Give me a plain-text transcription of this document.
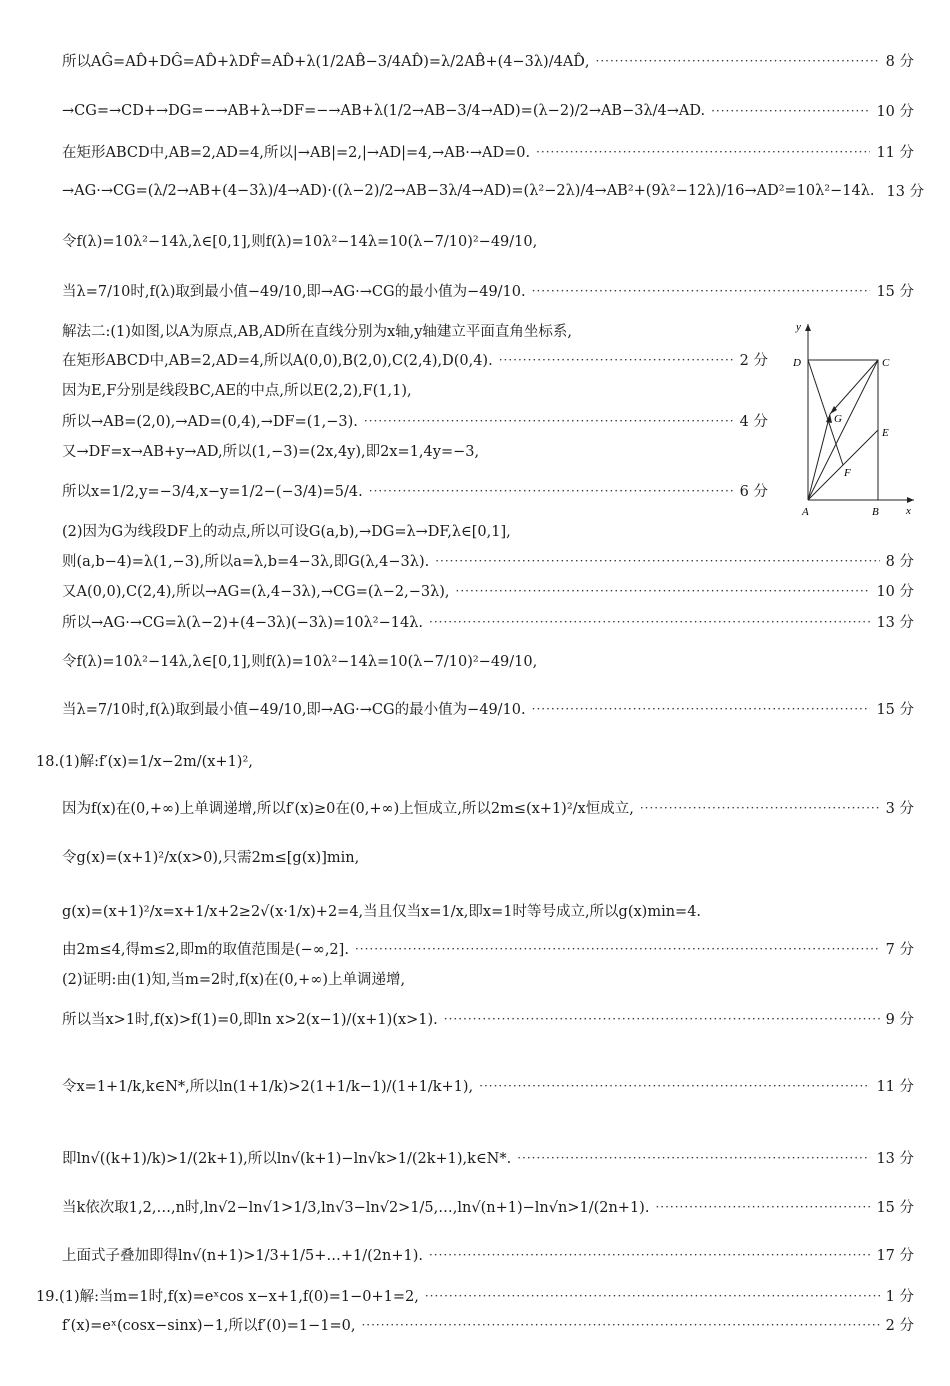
所以AĜ=AD̂+DĜ=AD̂+λDF̂=AD̂+λ(1/2AB̂−3/4AD̂)=λ/2AB̂+(4−3λ)/4AD̂, ·····	8 分
→CG=→CD+→DG=−→AB+λ→DF=−→AB+λ(1/2→AB−3/4→AD)=(λ−2)/2→AB−3λ/4→AD. ·····	10 分
在矩形ABCD中,AB=2,AD=4,所以|→AB|=2,|→AD|=4,→AB·→AD=0. ·····	11 分
→AG·→CG=(λ/2→AB+(4−3λ)/4→AD)·((λ−2)/2→AB−3λ/4→AD)=(λ²−2λ)/4→AB²+(9λ²−12λ)/16→AD²=10λ²−14λ. 13 分
令f(λ)=10λ²−14λ,λ∈[0,1],则f(λ)=10λ²−14λ=10(λ−7/10)²−49/10,
当λ=7/10时,f(λ)取到最小值−49/10,即→AG·→CG的最小值为−49/10. ·····	15 分
解法二:(1)如图,以A为原点,AB,AD所在直线分别为x轴,y轴建立平面直角坐标系,
在矩形ABCD中,AB=2,AD=4,所以A(0,0),B(2,0),C(2,4),D(0,4). ·····	2 分
因为E,F分别是线段BC,AE的中点,所以E(2,2),F(1,1),
所以→AB=(2,0),→AD=(0,4),→DF=(1,−3). ·····	4 分
又→DF=x→AB+y→AD,所以(1,−3)=(2x,4y),即2x=1,4y=−3,
所以x=1/2,y=−3/4,x−y=1/2−(−3/4)=5/4. ·····	6 分
(2)因为G为线段DF上的动点,所以可设G(a,b),→DG=λ→DF,λ∈[0,1],
则(a,b−4)=λ(1,−3),所以a=λ,b=4−3λ,即G(λ,4−3λ). ·····	8 分
又A(0,0),C(2,4),所以→AG=(λ,4−3λ),→CG=(λ−2,−3λ), ·····	10 分
所以→AG·→CG=λ(λ−2)+(4−3λ)(−3λ)=10λ²−14λ. ·····	13 分
令f(λ)=10λ²−14λ,λ∈[0,1],则f(λ)=10λ²−14λ=10(λ−7/10)²−49/10,
当λ=7/10时,f(λ)取到最小值−49/10,即→AG·→CG的最小值为−49/10. ·····	15 分
18.(1)解:f′(x)=1/x−2m/(x+1)²,
因为f(x)在(0,+∞)上单调递增,所以f′(x)≥0在(0,+∞)上恒成立,所以2m≤(x+1)²/x恒成立, ·····	3 分
令g(x)=(x+1)²/x(x>0),只需2m≤[g(x)]min,
g(x)=(x+1)²/x=x+1/x+2≥2√(x·1/x)+2=4,当且仅当x=1/x,即x=1时等号成立,所以g(x)min=4.
由2m≤4,得m≤2,即m的取值范围是(−∞,2]. ·····	7 分
(2)证明:由(1)知,当m=2时,f(x)在(0,+∞)上单调递增,
所以当x>1时,f(x)>f(1)=0,即ln x>2(x−1)/(x+1)(x>1). ·····	9 分
令x=1+1/k,k∈N*,所以ln(1+1/k)>2(1+1/k−1)/(1+1/k+1), ·····	11 分
即ln√((k+1)/k)>1/(2k+1),所以ln√(k+1)−ln√k>1/(2k+1),k∈N*. ·····	13 分
当k依次取1,2,…,n时,ln√2−ln√1>1/3,ln√3−ln√2>1/5,…,ln√(n+1)−ln√n>1/(2n+1). ·····	15 分
上面式子叠加即得ln√(n+1)>1/3+1/5+…+1/(2n+1). ·····	17 分
19.(1)解:当m=1时,f(x)=eˣcos x−x+1,f(0)=1−0+1=2, ·····	1 分
f′(x)=eˣ(cosx−sinx)−1,所以f′(0)=1−1=0, ·····	2 分
y
x
D	C
E
G
F
A	B
